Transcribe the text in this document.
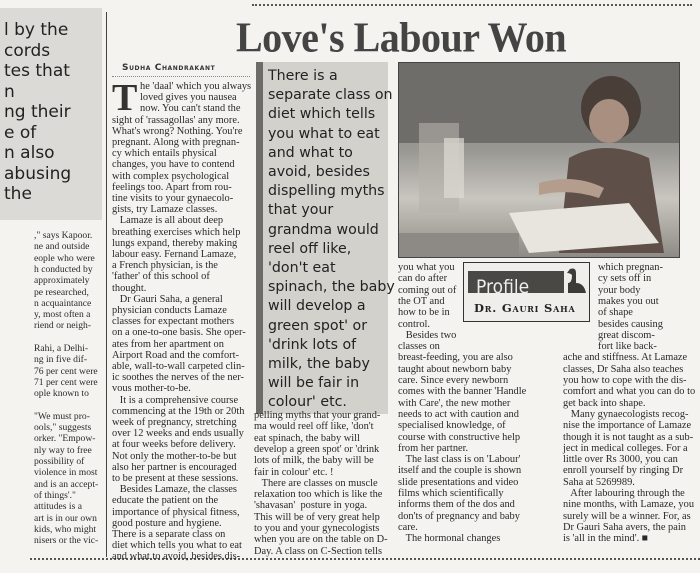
Love's Labour Won
Sudha Chandrakant
T
Profile
Dr. Gauri Saha
l by the
cords
tes that
n
ng their
e of
n also
abusing
the
," says Kapoor.
ne and outside
eople who were
h conducted by
approximately
pe researched,
n acquaintance
y, most often a
riend or neigh-
Rahi, a Delhi-
ng in five dif-
76 per cent were
71 per cent were
ople known to
"We must pro-
ools," suggests
orker. "Empow-
nly way to free
possibility of
violence in most
and is an accept-
of things'."
attitudes is a
art is in our own
kids, who might
nisers or the vic-
he 'daal' which you always
loved gives you nausea
now. You can't stand the
sight of 'rassagollas' any more.
What's wrong? Nothing. You're
pregnant. Along with pregnan-
cy which entails physical
changes, you have to contend
with complex psychological
feelings too. Apart from rou-
tine visits to your gynaecolo-
gists, try Lamaze classes.
Lamaze is all about deep
breathing exercises which help
lungs expand, thereby making
labour easy. Fernand Lamaze,
a French physician, is the
'father' of this school of
thought.
Dr Gauri Saha, a general
physician conducts Lamaze
classes for expectant mothers
on a one-to-one basis. She oper-
ates from her apartment on
Airport Road and the comfort-
able, wall-to-wall carpeted clin-
ic soothes the nerves of the ner-
vous mother-to-be.
It is a comprehensive course
commencing at the 19th or 20th
week of pregnancy, stretching
over 12 weeks and ends usually
at four weeks before delivery.
Not only the mother-to-be but
also her partner is encouraged
to be present at these sessions.
Besides Lamaze, the classes
educate the patient on the
importance of physical fitness,
good posture and hygiene.
There is a separate class on
diet which tells you what to eat
and what to avoid, besides dis-
There is a
separate class on
diet which tells
you what to eat
and what to
avoid, besides
dispelling myths
that your
grandma would
reel off like,
'don't eat
spinach, the baby
will develop a
green spot' or
'drink lots of
milk, the baby
will be fair in
colour' etc.
pelling myths that your grand-
ma would reel off like, 'don't
eat spinach, the baby will
develop a green spot' or 'drink
lots of milk, the baby will be
fair in colour' etc. !
There are classes on muscle
relaxation too which is like the
'shavasan'  posture in yoga.
This will be of very great help
to you and your gynecologists
when you are on the table on D-
Day. A class on C-Section tells
you what you
can do after
coming out of
the OT and
how to be in
control.
Besides two
classes on
breast-feeding, you are also
taught about newborn baby
care. Since every newborn
comes with the banner 'Handle
with Care', the new mother
needs to act with caution and
specialised knowledge, of
course with constructive help
from her partner.
The last class is on 'Labour'
itself and the couple is shown
slide presentations and video
films which scientifically
informs them of the dos and
don'ts of pregnancy and baby
care.
The hormonal changes
which pregnan-
cy sets off in
your body
makes you out
of shape
besides causing
great discom-
fort like back-
ache and stiffness. At Lamaze
classes, Dr Saha also teaches
you how to cope with the dis-
comfort and what you can do to
get back into shape.
Many gynaecologists recog-
nise the importance of Lamaze
though it is not taught as a sub-
ject in medical colleges. For a
little over Rs 3000, you can
enroll yourself by ringing Dr
Saha at 5269989.
After labouring through the
nine months, with Lamaze, you
surely will be a winner. For, as
Dr Gauri Saha avers, the pain
is 'all in the mind'. ■
